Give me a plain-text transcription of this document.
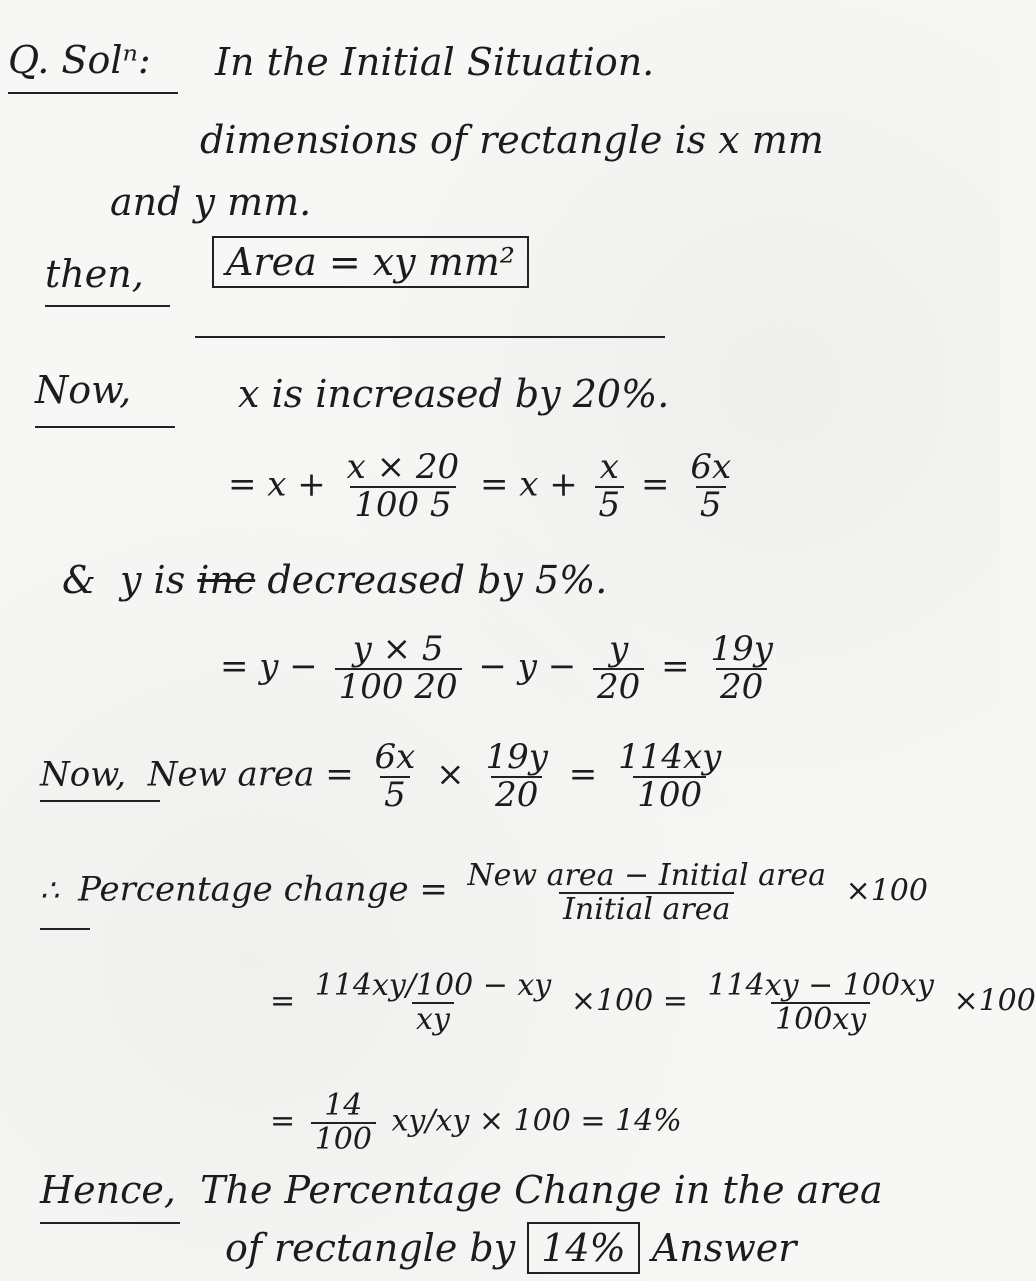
Q. Solⁿ: In the Initial Situation.
dimensions of rectangle is x mm
and y mm.
then,	Area = xy mm²
Now,	x is increased by 20%.
= $x + \frac{x \times 20}{100 5} = x + \frac{x}{5} = \frac{6x}{5}$
& y is inc decreased by 5%.
= $y - \frac{y \times 5}{100 20} - y - \frac{y}{20} = \frac{19y}{20}$
Now, New area = $\frac{6x}{5} \times \frac{19y}{20} = \frac{114xy}{100}$
∴ Percentage change = $\frac{\text{New area − Initial area}}{\text{Initial area}} \times 100$
= $\frac{114xy/100 - xy}{xy} \times 100 = \frac{114xy - 100xy}{100xy} \times 100$
= $\frac{14}{100} xy/xy \times 100 = 14\%$
Hence, The Percentage Change in the area
of rectangle by 14% Answer
